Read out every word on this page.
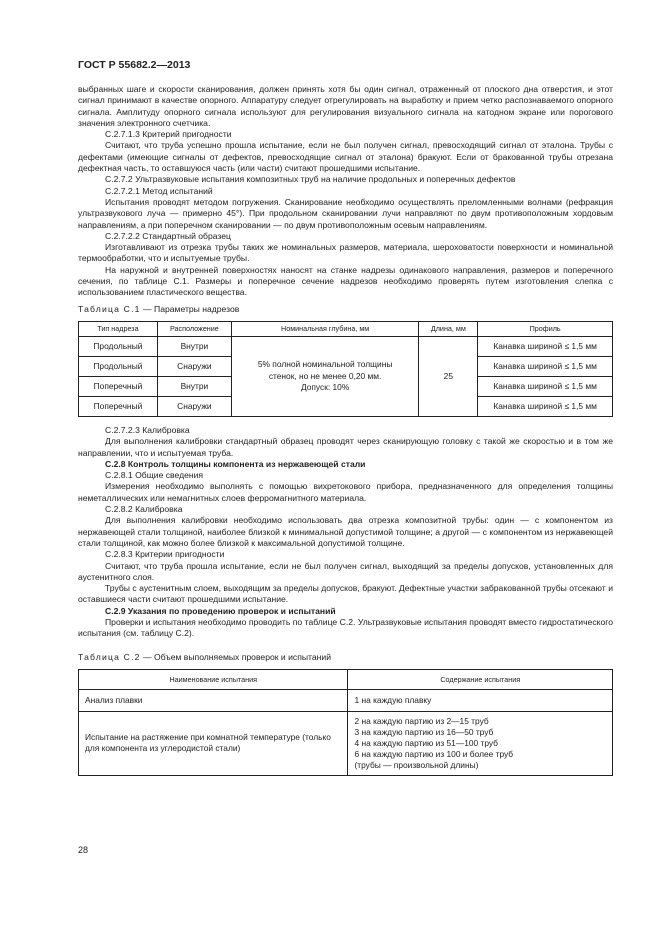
ГОСТ Р 55682.2—2013

выбранных шаге и скорости сканирования, должен принять хотя бы один сигнал, отраженный от плоского дна отверстия, и этот сигнал принимают в качестве опорного. Аппаратуру следует отрегулировать на выработку и прием четко распознаваемого опорного сигнала. Амплитуду опорного сигнала используют для регулирования визуального сигнала на катодном экране или порогового значения электронного счетчика.

С.2.7.1.3 Критерий пригодности

Считают, что труба успешно прошла испытание, если не был получен сигнал, превосходящий сигнал от эталона. Трубы с дефектами (имеющие сигналы от дефектов, превосходящие сигнал от эталона) бракуют. Если от бракованной трубы отрезана дефектная часть, то оставшуюся часть (или части) считают прошедшими испытание.

С.2.7.2 Ультразвуковые испытания композитных труб на наличие продольных и поперечных дефектов

С.2.7.2.1 Метод испытаний

Испытания проводят методом погружения. Сканирование необходимо осуществлять преломленными волнами (рефракция ультразвукового луча — примерно 45°). При продольном сканировании лучи направляют по двум противоположным хордовым направлениям, а при поперечном сканировании — по двум противоположным осевым направлениям.

С.2.7.2.2 Стандартный образец

Изготавливают из отрезка трубы таких же номинальных размеров, материала, шероховатости поверхности и номинальной термообработки, что и испытуемые трубы.

На наружной и внутренней поверхностях наносят на станке надрезы одинакового направления, размеров и поперечного сечения, по таблице С.1. Размеры и поперечное сечение надрезов необходимо проверять путем изготовления слепка с использованием пластического вещества.

Таблица С.1 — Параметры надрезов

Тип надреза	Расположение	Номинальная глубина, мм	Длина, мм	Профиль
Продольный	Внутри	5% полной номинальной толщины
стенок, но не менее 0,20 мм.
Допуск: 10%	25	Канавка шириной ≤ 1,5 мм
Продольный	Снаружи			Канавка шириной ≤ 1,5 мм
Поперечный	Внутри			Канавка шириной ≤ 1,5 мм
Поперечный	Снаружи			Канавка шириной ≤ 1,5 мм

С.2.7.2.3 Калибровка

Для выполнения калибровки стандартный образец проводят через сканирующую головку с такой же скоростью и в том же направлении, что и испытуемая труба.

С.2.8 Контроль толщины компонента из нержавеющей стали

С.2.8.1 Общие сведения

Измерения необходимо выполнять с помощью вихретокового прибора, предназначенного для определения толщины неметаллических или немагнитных слоев ферромагнитного материала.

С.2.8.2 Калибровка

Для выполнения калибровки необходимо использовать два отрезка композитной трубы: один — с компонентом из нержавеющей стали толщиной, наиболее близкой к минимальной допустимой толщине; а другой — с компонентом из нержавеющей стали толщиной, как можно более близкой к максимальной допустимой толщине.

С.2.8.3 Критерии пригодности

Считают, что труба прошла испытание, если не был получен сигнал, выходящий за пределы допусков, установленных для аустенитного слоя.

Трубы с аустенитным слоем, выходящим за пределы допусков, бракуют. Дефектные участки забракованной трубы отсекают и оставшиеся части считают прошедшими испытание.

С.2.9 Указания по проведению проверок и испытаний

Проверки и испытания необходимо проводить по таблице С.2. Ультразвуковые испытания проводят вместо гидростатического испытания (см. таблицу С.2).

Таблица С.2 — Объем выполняемых проверок и испытаний

Наименование испытания	Содержание испытания
Анализ плавки	1 на каждую плавку
Испытание на растяжение при комнатной температуре (только для компонента из углеродистой стали)	2 на каждую партию из 2—15 труб
3 на каждую партию из 16—50 труб
4 на каждую партию из 51—100 труб
6 на каждую партию из 100 и более труб
(трубы — произвольной длины)
28
